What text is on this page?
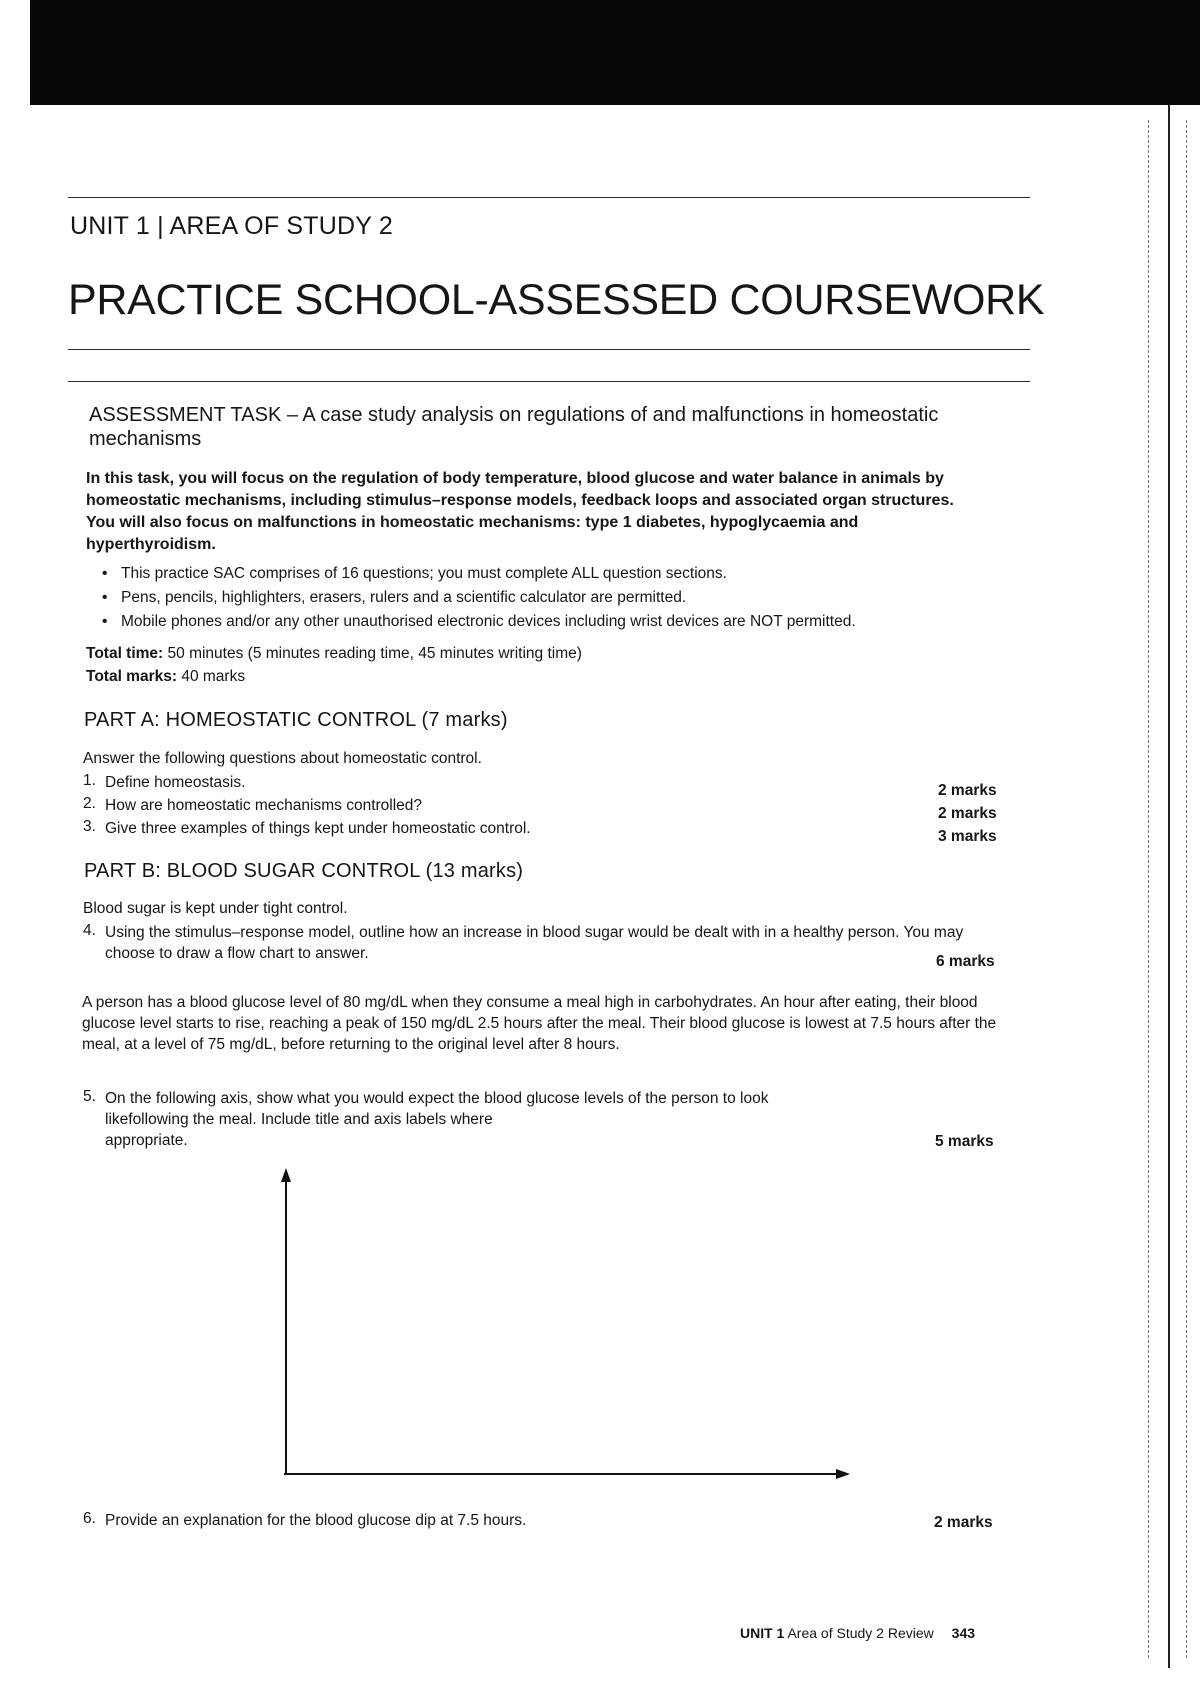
UNIT 1 | AREA OF STUDY 2
PRACTICE SCHOOL-ASSESSED COURSEWORK
ASSESSMENT TASK – A case study analysis on regulations of and malfunctions in homeostatic mechanisms
In this task, you will focus on the regulation of body temperature, blood glucose and water balance in animals by homeostatic mechanisms, including stimulus–response models, feedback loops and associated organ structures. You will also focus on malfunctions in homeostatic mechanisms: type 1 diabetes, hypoglycaemia and hyperthyroidism.
• This practice SAC comprises of 16 questions; you must complete ALL question sections.
• Pens, pencils, highlighters, erasers, rulers and a scientific calculator are permitted.
• Mobile phones and/or any other unauthorised electronic devices including wrist devices are NOT permitted.
Total time: 50 minutes (5 minutes reading time, 45 minutes writing time)
Total marks: 40 marks
PART A: HOMEOSTATIC CONTROL (7 marks)
Answer the following questions about homeostatic control.
1. Define homeostasis.	2 marks
2. How are homeostatic mechanisms controlled?	2 marks
3. Give three examples of things kept under homeostatic control.	3 marks
PART B: BLOOD SUGAR CONTROL (13 marks)
Blood sugar is kept under tight control.
4. Using the stimulus–response model, outline how an increase in blood sugar would be dealt with in a healthy person. You may choose to draw a flow chart to answer.	6 marks
A person has a blood glucose level of 80 mg/dL when they consume a meal high in carbohydrates. An hour after eating, their blood glucose level starts to rise, reaching a peak of 150 mg/dL 2.5 hours after the meal. Their blood glucose is lowest at 7.5 hours after the meal, at a level of 75 mg/dL, before returning to the original level after 8 hours.
5. On the following axis, show what you would expect the blood glucose levels of the person to look
likefollowing the meal. Include title and axis labels where
appropriate.	5 marks
6. Provide an explanation for the blood glucose dip at 7.5 hours.	2 marks
UNIT 1 Area of Study 2 Review 343
